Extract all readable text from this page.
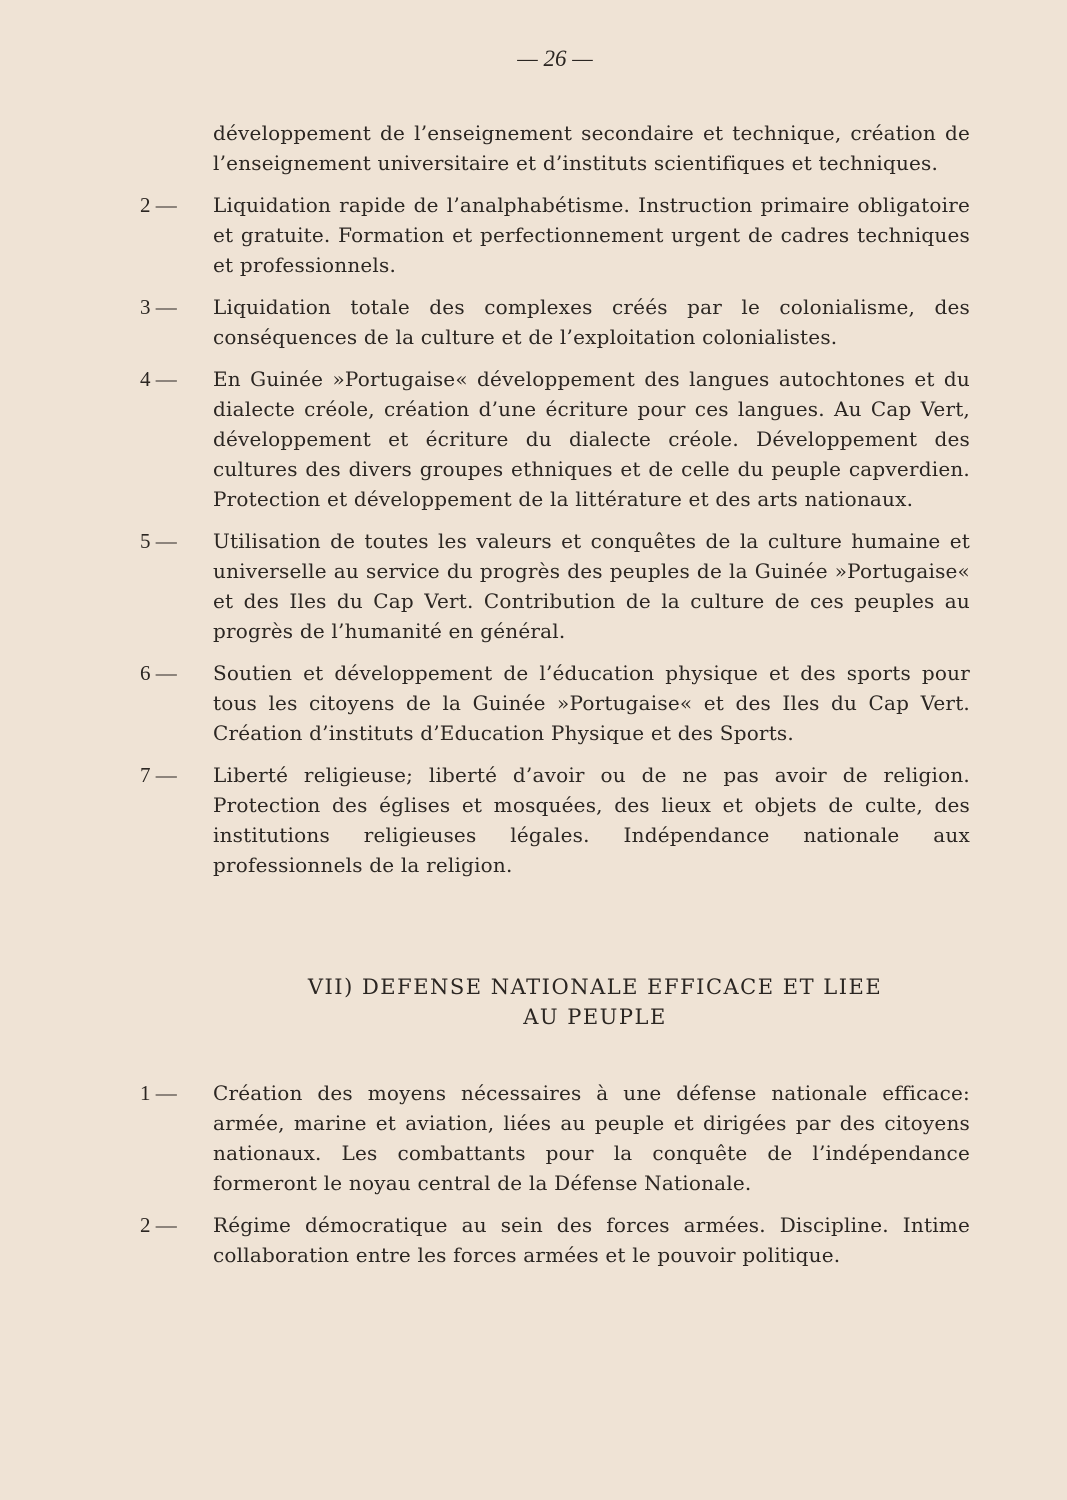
— 26 —
développement de l’enseignement secondaire et technique, création de l’enseignement universitaire et d’instituts scientifiques et techniques.
2 —	Liquidation rapide de l’analphabétisme. Instruction primaire obligatoire et gratuite. Formation et perfectionnement urgent de cadres techniques et professionnels.
3 —	Liquidation totale des complexes créés par le colonialisme, des conséquences de la culture et de l’exploitation colonialistes.
4 —	En Guinée »Portugaise« développement des langues autochtones et du dialecte créole, création d’une écriture pour ces langues. Au Cap Vert, développement et écriture du dialecte créole. Développement des cultures des divers groupes ethniques et de celle du peuple capverdien. Protection et développement de la littérature et des arts nationaux.
5 —	Utilisation de toutes les valeurs et conquêtes de la culture humaine et universelle au service du progrès des peuples de la Guinée »Portugaise« et des Iles du Cap Vert. Contribution de la culture de ces peuples au progrès de l’humanité en général.
6 —	Soutien et développement de l’éducation physique et des sports pour tous les citoyens de la Guinée »Portugaise« et des Iles du Cap Vert. Création d’instituts d’Education Physique et des Sports.
7 —	Liberté religieuse; liberté d’avoir ou de ne pas avoir de religion. Protection des églises et mosquées, des lieux et objets de culte, des institutions religieuses légales. Indépendance nationale aux professionnels de la religion.
VII) DEFENSE NATIONALE EFFICACE ET LIEE
AU PEUPLE
1 —	Création des moyens nécessaires à une défense nationale efficace: armée, marine et aviation, liées au peuple et dirigées par des citoyens nationaux. Les combattants pour la conquête de l’indépendance formeront le noyau central de la Défense Nationale.
2 —	Régime démocratique au sein des forces armées. Discipline. Intime collaboration entre les forces armées et le pouvoir politique.
